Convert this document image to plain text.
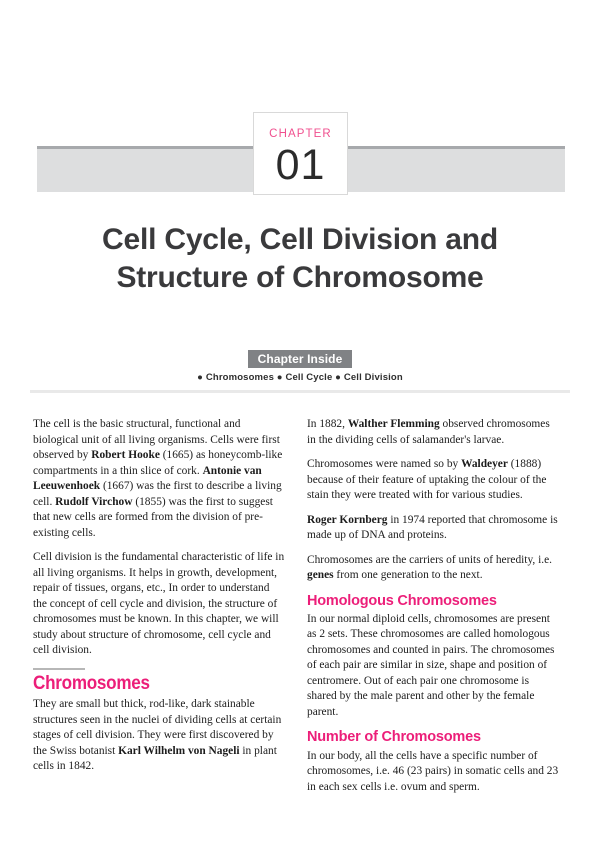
CHAPTER
01
Cell Cycle, Cell Division and Structure of Chromosome
Chapter Inside
● Chromosomes ● Cell Cycle ● Cell Division

The cell is the basic structural, functional and biological unit of all living organisms. Cells were first observed by Robert Hooke (1665) as honeycomb-like compartments in a thin slice of cork. Antonie van Leeuwenhoek (1667) was the first to describe a living cell. Rudolf Virchow (1855) was the first to suggest that new cells are formed from the division of pre-existing cells.

Cell division is the fundamental characteristic of life in all living organisms. It helps in growth, development, repair of tissues, organs, etc., In order to understand the concept of cell cycle and division, the structure of chromosomes must be known. In this chapter, we will study about structure of chromosome, cell cycle and cell division.

Chromosomes

They are small but thick, rod-like, dark stainable structures seen in the nuclei of dividing cells at certain stages of cell division. They were first discovered by the Swiss botanist Karl Wilhelm von Nageli in plant cells in 1842.

In 1882, Walther Flemming observed chromosomes in the dividing cells of salamander's larvae.

Chromosomes were named so by Waldeyer (1888) because of their feature of uptaking the colour of the stain they were treated with for various studies.

Roger Kornberg in 1974 reported that chromosome is made up of DNA and proteins.

Chromosomes are the carriers of units of heredity, i.e. genes from one generation to the next.

Homologous Chromosomes

In our normal diploid cells, chromosomes are present as 2 sets. These chromosomes are called homologous chromosomes and counted in pairs. The chromosomes of each pair are similar in size, shape and position of centromere. Out of each pair one chromosome is shared by the male parent and other by the female parent.

Number of Chromosomes

In our body, all the cells have a specific number of chromosomes, i.e. 46 (23 pairs) in somatic cells and 23 in each sex cells i.e. ovum and sperm.
